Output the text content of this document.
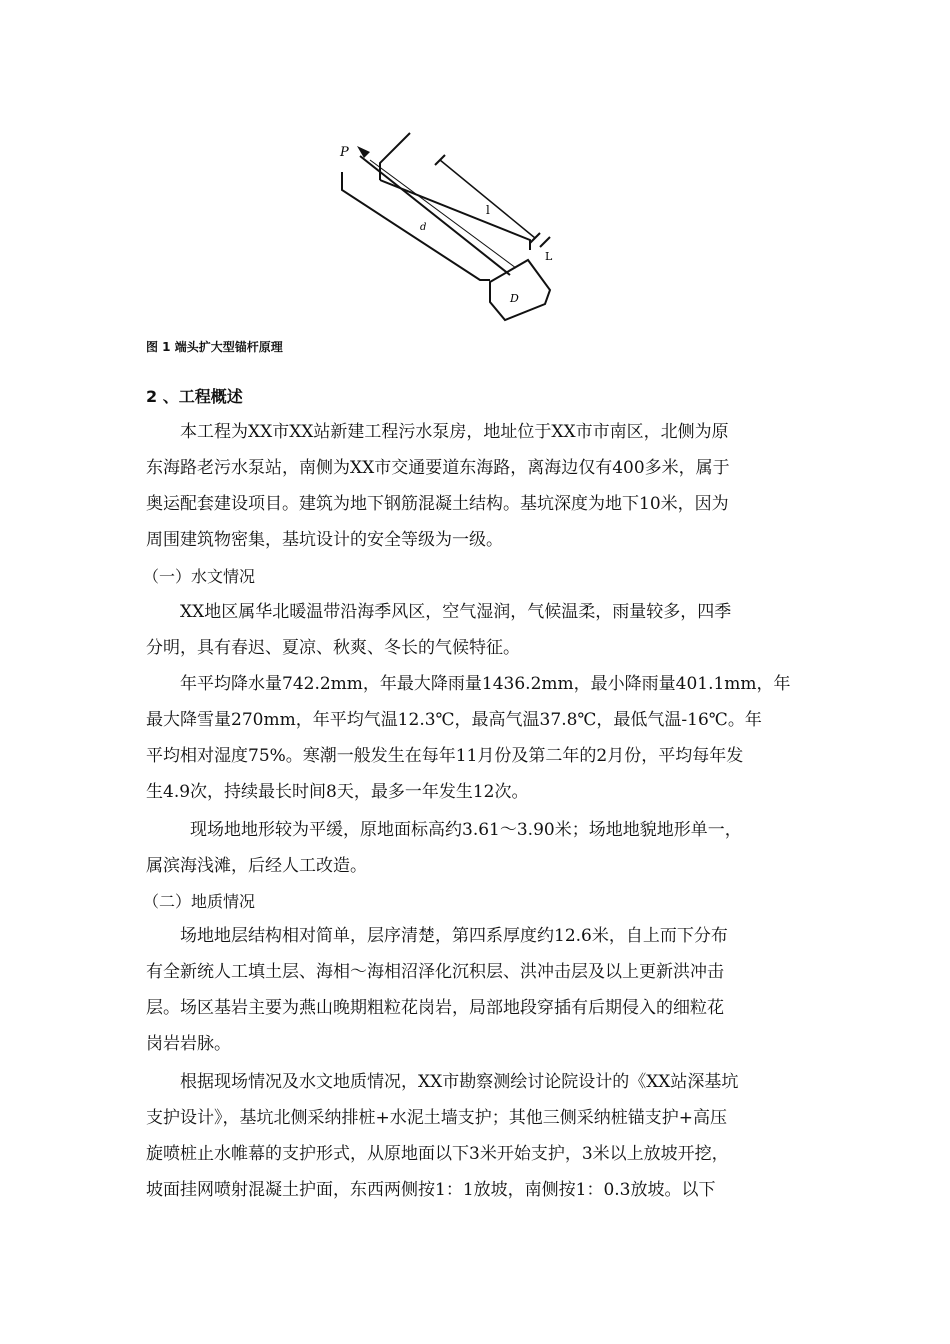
P
l
L
D
d
图 1 端头扩大型锚杆原理
2 、工程概述
本工程为XX市XX站新建工程污水泵房，地址位于XX市市南区，北侧为原
东海路老污水泵站，南侧为XX市交通要道东海路，离海边仅有400多米，属于
奥运配套建设项目。建筑为地下钢筋混凝土结构。基坑深度为地下10米，因为
周围建筑物密集，基坑设计的安全等级为一级。
（一）水文情况
XX地区属华北暖温带沿海季风区，空气湿润，气候温柔，雨量较多，四季
分明，具有春迟、夏凉、秋爽、冬长的气候特征。
年平均降水量742.2mm，年最大降雨量1436.2mm，最小降雨量401.1mm，年
最大降雪量270mm，年平均气温12.3℃，最高气温37.8℃，最低气温-16℃。年
平均相对湿度75%。寒潮一般发生在每年11月份及第二年的2月份，平均每年发
生4.9次，持续最长时间8天，最多一年发生12次。
现场地地形较为平缓，原地面标高约3.61～3.90米；场地地貌地形单一，
属滨海浅滩，后经人工改造。
（二）地质情况
场地地层结构相对简单，层序清楚，第四系厚度约12.6米，自上而下分布
有全新统人工填土层、海相～海相沼泽化沉积层、洪冲击层及以上更新洪冲击
层。场区基岩主要为燕山晚期粗粒花岗岩，局部地段穿插有后期侵入的细粒花
岗岩岩脉。
根据现场情况及水文地质情况，XX市勘察测绘讨论院设计的《XX站深基坑
支护设计》，基坑北侧采纳排桩+水泥土墙支护；其他三侧采纳桩锚支护+高压
旋喷桩止水帷幕的支护形式，从原地面以下3米开始支护，3米以上放坡开挖，
坡面挂网喷射混凝土护面，东西两侧按1：1放坡，南侧按1：0.3放坡。以下
